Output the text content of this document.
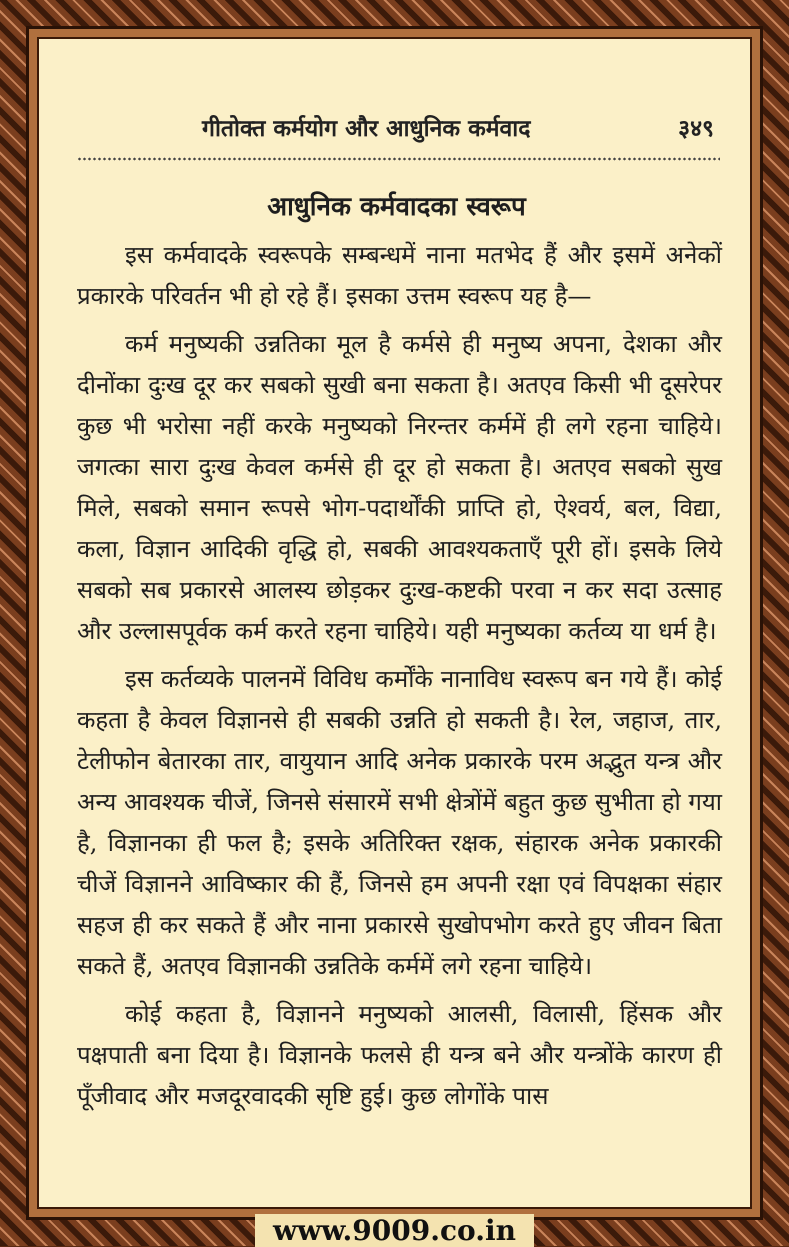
गीतोक्त कर्मयोग और आधुनिक कर्मवाद	३४९
आधुनिक कर्मवादका स्वरूप

इस कर्मवादके स्वरूपके सम्बन्धमें नाना मतभेद हैं और इसमें अनेकों प्रकारके परिवर्तन भी हो रहे हैं। इसका उत्तम स्वरूप यह है—

कर्म मनुष्यकी उन्नतिका मूल है कर्मसे ही मनुष्य अपना, देशका और दीनोंका दुःख दूर कर सबको सुखी बना सकता है। अतएव किसी भी दूसरेपर कुछ भी भरोसा नहीं करके मनुष्यको निरन्तर कर्ममें ही लगे रहना चाहिये। जगत्का सारा दुःख केवल कर्मसे ही दूर हो सकता है। अतएव सबको सुख मिले, सबको समान रूपसे भोग-पदार्थोंकी प्राप्ति हो, ऐश्वर्य, बल, विद्या, कला, विज्ञान आदिकी वृद्धि हो, सबकी आवश्यकताएँ पूरी हों। इसके लिये सबको सब प्रकारसे आलस्य छोड़कर दुःख-कष्टकी परवा न कर सदा उत्साह और उल्लासपूर्वक कर्म करते रहना चाहिये। यही मनुष्यका कर्तव्य या धर्म है।

इस कर्तव्यके पालनमें विविध कर्मोंके नानाविध स्वरूप बन गये हैं। कोई कहता है केवल विज्ञानसे ही सबकी उन्नति हो सकती है। रेल, जहाज, तार, टेलीफोन बेतारका तार, वायुयान आदि अनेक प्रकारके परम अद्भुत यन्त्र और अन्य आवश्यक चीजें, जिनसे संसारमें सभी क्षेत्रोंमें बहुत कुछ सुभीता हो गया है, विज्ञानका ही फल है; इसके अतिरिक्त रक्षक, संहारक अनेक प्रकारकी चीजें विज्ञानने आविष्कार की हैं, जिनसे हम अपनी रक्षा एवं विपक्षका संहार सहज ही कर सकते हैं और नाना प्रकारसे सुखोपभोग करते हुए जीवन बिता सकते हैं, अतएव विज्ञानकी उन्नतिके कर्ममें लगे रहना चाहिये।

कोई कहता है, विज्ञानने मनुष्यको आलसी, विलासी, हिंसक और पक्षपाती बना दिया है। विज्ञानके फलसे ही यन्त्र बने और यन्त्रोंके कारण ही पूँजीवाद और मजदूरवादकी सृष्टि हुई। कुछ लोगोंके पास

www.9009.co.in
